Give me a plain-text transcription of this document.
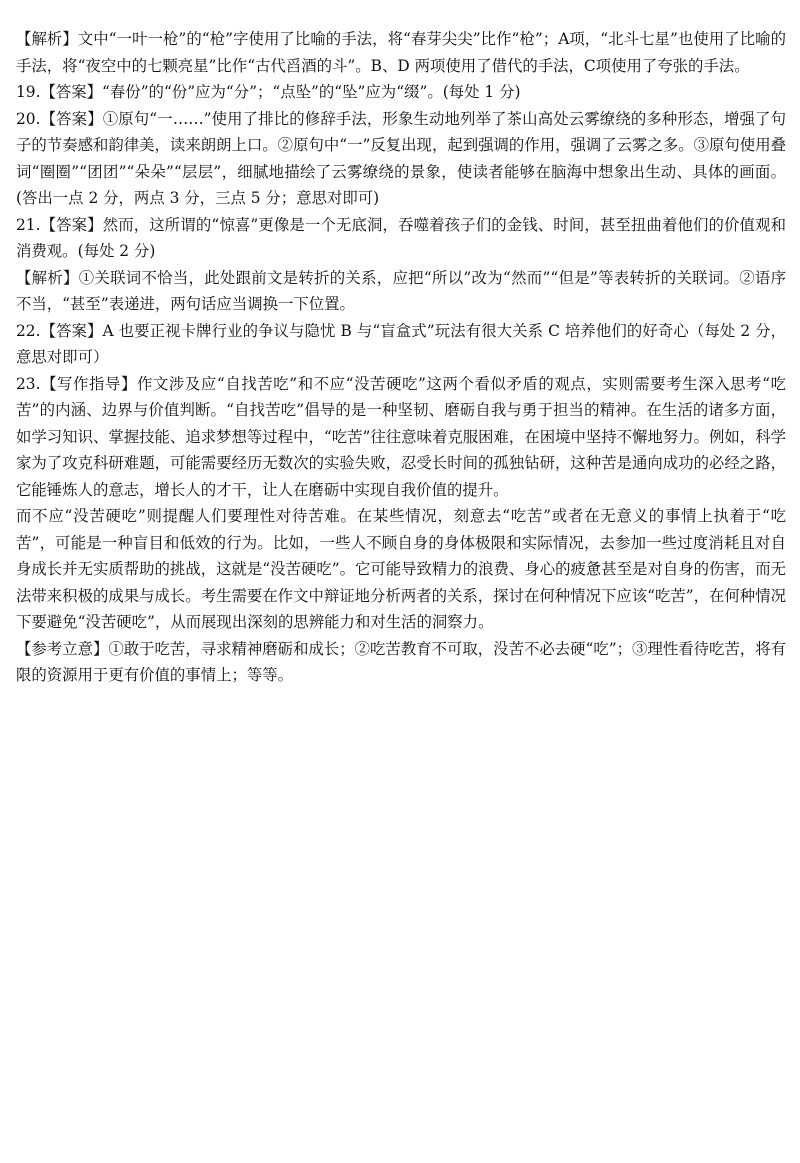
【解析】文中“一叶一枪”的“枪”字使用了比喻的手法，将“春芽尖尖”比作“枪”；A项，“北斗七星”也使用了比喻的手法，将“夜空中的七颗亮星”比作“古代舀酒的斗”。B、D 两项使用了借代的手法，C项使用了夸张的手法。

19.【答案】“春份”的“份”应为“分”；“点坠”的“坠”应为“缀”。(每处 1 分)

20.【答案】①原句“一……”使用了排比的修辞手法，形象生动地列举了茶山高处云雾缭绕的多种形态，增强了句子的节奏感和韵律美，读来朗朗上口。②原句中“一”反复出现，起到强调的作用，强调了云雾之多。③原句使用叠词“圈圈”“团团”“朵朵”“层层”，细腻地描绘了云雾缭绕的景象，使读者能够在脑海中想象出生动、具体的画面。(答出一点 2 分，两点 3 分，三点 5 分；意思对即可)

21.【答案】然而，这所谓的“惊喜”更像是一个无底洞，吞噬着孩子们的金钱、时间，甚至扭曲着他们的价值观和消费观。(每处 2 分)

【解析】①关联词不恰当，此处跟前文是转折的关系，应把“所以”改为“然而”“但是”等表转折的关联词。②语序不当，“甚至”表递进，两句话应当调换一下位置。

22.【答案】A 也要正视卡牌行业的争议与隐忧 B 与“盲盒式”玩法有很大关系 C 培养他们的好奇心（每处 2 分，意思对即可）

23.【写作指导】作文涉及应“自找苦吃”和不应“没苦硬吃”这两个看似矛盾的观点，实则需要考生深入思考“吃苦”的内涵、边界与价值判断。“自找苦吃”倡导的是一种坚韧、磨砺自我与勇于担当的精神。在生活的诸多方面，如学习知识、掌握技能、追求梦想等过程中，“吃苦”往往意味着克服困难，在困境中坚持不懈地努力。例如，科学家为了攻克科研难题，可能需要经历无数次的实验失败，忍受长时间的孤独钻研，这种苦是通向成功的必经之路，它能锤炼人的意志，增长人的才干，让人在磨砺中实现自我价值的提升。

而不应“没苦硬吃”则提醒人们要理性对待苦难。在某些情况，刻意去“吃苦”或者在无意义的事情上执着于“吃苦”，可能是一种盲目和低效的行为。比如，一些人不顾自身的身体极限和实际情况，去参加一些过度消耗且对自身成长并无实质帮助的挑战，这就是“没苦硬吃”。它可能导致精力的浪费、身心的疲惫甚至是对自身的伤害，而无法带来积极的成果与成长。考生需要在作文中辩证地分析两者的关系，探讨在何种情况下应该“吃苦”，在何种情况下要避免“没苦硬吃”，从而展现出深刻的思辨能力和对生活的洞察力。

【参考立意】①敢于吃苦，寻求精神磨砺和成长；②吃苦教育不可取，没苦不必去硬“吃”；③理性看待吃苦，将有限的资源用于更有价值的事情上；等等。
